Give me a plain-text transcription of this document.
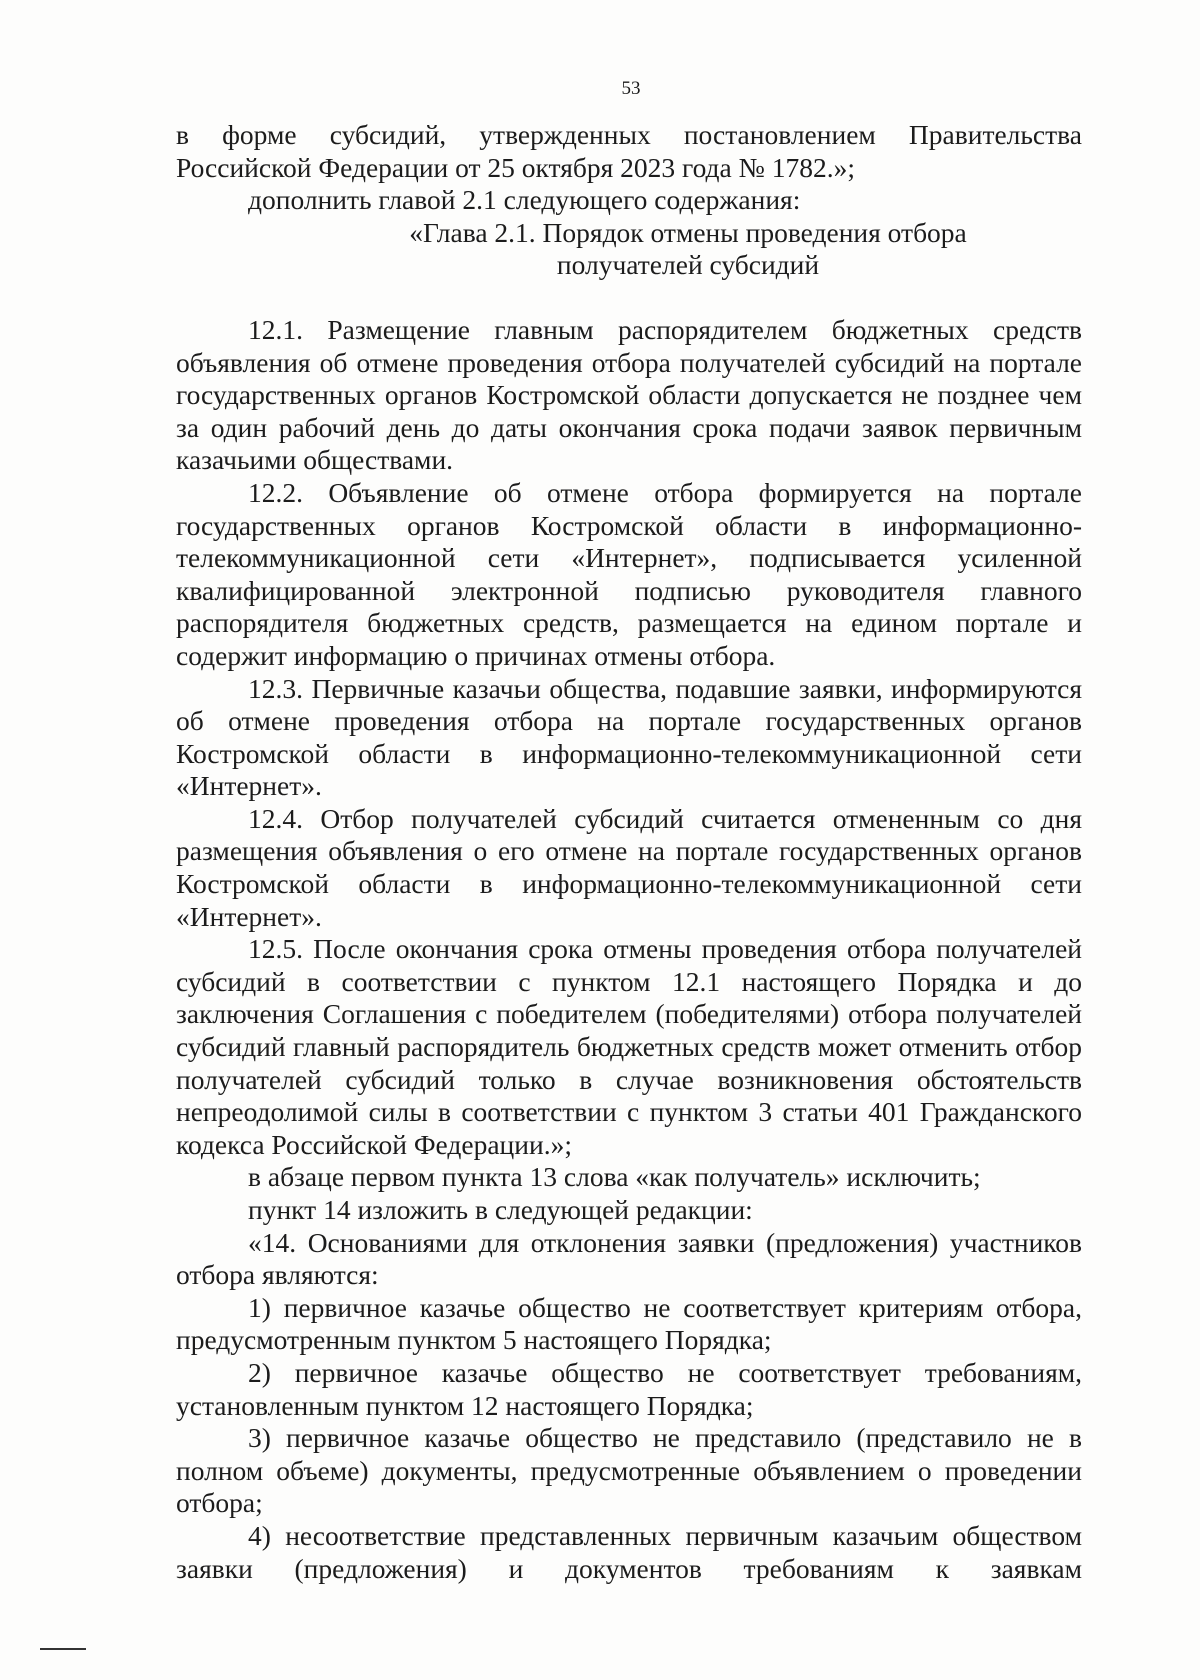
53

в форме субсидий, утвержденных постановлением Правительства Российской Федерации от 25 октября 2023 года № 1782.»;

дополнить главой 2.1 следующего содержания:

«Глава 2.1. Порядок отмены проведения отбора
получателей субсидий

12.1. Размещение главным распорядителем бюджетных средств объявления об отмене проведения отбора получателей субсидий на портале государственных органов Костромской области допускается не позднее чем за один рабочий день до даты окончания срока подачи заявок первичным казачьими обществами.

12.2. Объявление об отмене отбора формируется на портале государственных органов Костромской области в информационно-телекоммуникационной сети «Интернет», подписывается усиленной квалифицированной электронной подписью руководителя главного распорядителя бюджетных средств, размещается на едином портале и содержит информацию о причинах отмены отбора.

12.3. Первичные казачьи общества, подавшие заявки, информируются об отмене проведения отбора на портале государственных органов Костромской области в информационно-телекоммуникационной сети «Интернет».

12.4. Отбор получателей субсидий считается отмененным со дня размещения объявления о его отмене на портале государственных органов Костромской области в информационно-телекоммуникационной сети «Интернет».

12.5. После окончания срока отмены проведения отбора получателей субсидий в соответствии с пунктом 12.1 настоящего Порядка и до заключения Соглашения с победителем (победителями) отбора получателей субсидий главный распорядитель бюджетных средств может отменить отбор получателей субсидий только в случае возникновения обстоятельств непреодолимой силы в соответствии с пунктом 3 статьи 401 Гражданского кодекса Российской Федерации.»;

в абзаце первом пункта 13 слова «как получатель» исключить;

пункт 14 изложить в следующей редакции:

«14. Основаниями для отклонения заявки (предложения) участников отбора являются:

1) первичное казачье общество не соответствует критериям отбора, предусмотренным пунктом 5 настоящего Порядка;

2) первичное казачье общество не соответствует требованиям, установленным пунктом 12 настоящего Порядка;

3) первичное казачье общество не представило (представило не в полном объеме) документы, предусмотренные объявлением о проведении отбора;

4) несоответствие представленных первичным казачьим обществом заявки (предложения) и документов требованиям к заявкам
